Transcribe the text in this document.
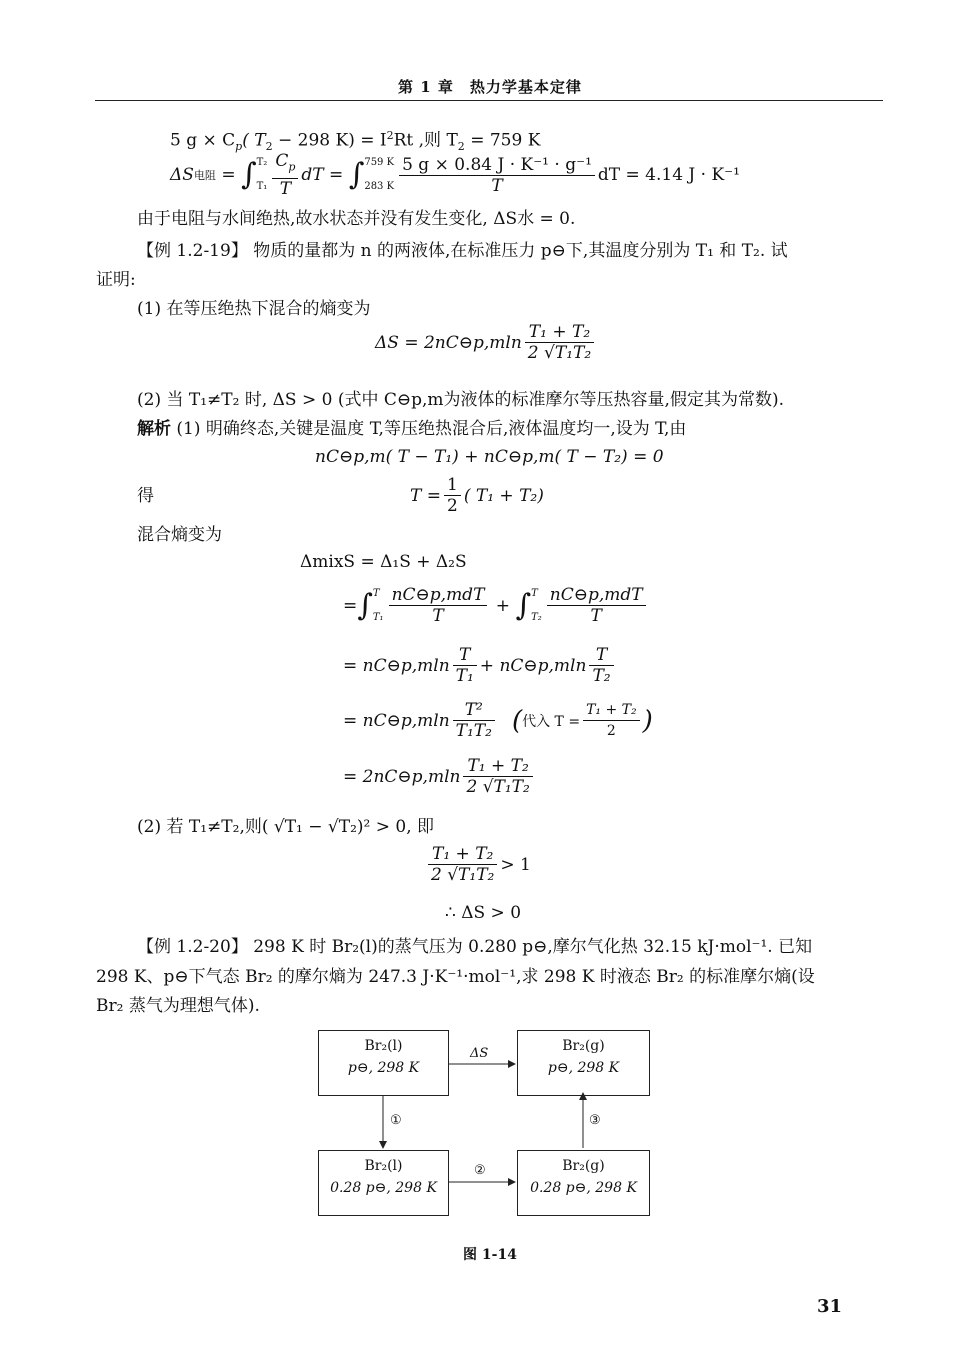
第 1 章　热力学基本定律
5 $g \times C_p$( $T_2 - 298$ $K) = I^2Rt$ ,则 $T_2 = 759$ K
ΔS 电阻 = ∫ T₂

$T_1 \frac{C_p}{T}$ dT = ∫ 759 K

283 K $\frac{\text{5 g × 0.84 J · K⁻¹ · g⁻¹}}{T}$ dT = 4.14 J · K⁻¹
由于电阻与水间绝热,故水状态并没有发生变化, ΔS水 = 0.
【例 1.2-19】 物质的量都为 n 的两液体,在标准压力 p⊖下,其温度分别为 T₁ 和 T₂. 试
证明:
(1) 在等压绝热下混合的熵变为
ΔS = 2nC⊖p,mln $\frac{\text{T₁ + T₂}}{\text{2 √T₁T₂}}$
(2) 当 T₁≠T₂ 时, ΔS > 0 (式中 C⊖p,m为液体的标准摩尔等压热容量,假定其为常数).
解析 (1) 明确终态,关键是温度 T,等压绝热混合后,液体温度均一,设为 T,由
nC⊖p,m( T − T₁) + nC⊖p,m( T − T₂) = 0
得	$T = \frac{1}{2}$ ( T₁ + T₂)
混合熵变为
ΔmixS = Δ₁S + Δ₂S
= ∫ T

$T_1 \frac{\text{nC⊖p,mdT}}{T}$ + ∫ T

$T_2 \frac{\text{nC⊖p,mdT}}{T}$
= nC⊖p,mln $\frac{T}{\text{T₁}}$ + nC⊖p,mln $\frac{T}{\text{T₂}}$
= nC⊖p,mln $\frac{\text{T²}}{\text{T₁T₂}}$ ( 代入 $T = \frac{\text{T₁ + T₂}}{2}$ )
= 2nC⊖p,mln $\frac{\text{T₁ + T₂}}{\text{2 √T₁T₂}}$
(2) 若 T₁≠T₂,则( √T₁ − √T₂)² > 0, 即
$\frac{\text{T₁ + T₂}}{\text{2 √T₁T₂}} > 1$
∴ ΔS > 0
【例 1.2-20】 298 K 时 Br₂(l)的蒸气压为 0.280 p⊖,摩尔气化热 32.15 kJ·mol⁻¹. 已知
298 K、p⊖下气态 Br₂ 的摩尔熵为 247.3 J·K⁻¹·mol⁻¹,求 298 K 时液态 Br₂ 的标准摩尔熵(设
Br₂ 蒸气为理想气体).
Br₂(l)
p⊖, 298 K
Br₂(g)
p⊖, 298 K
Br₂(l)
0.28 p⊖, 298 K
Br₂(g)
0.28 p⊖, 298 K
ΔS
①
②
③
图 1-14
31
